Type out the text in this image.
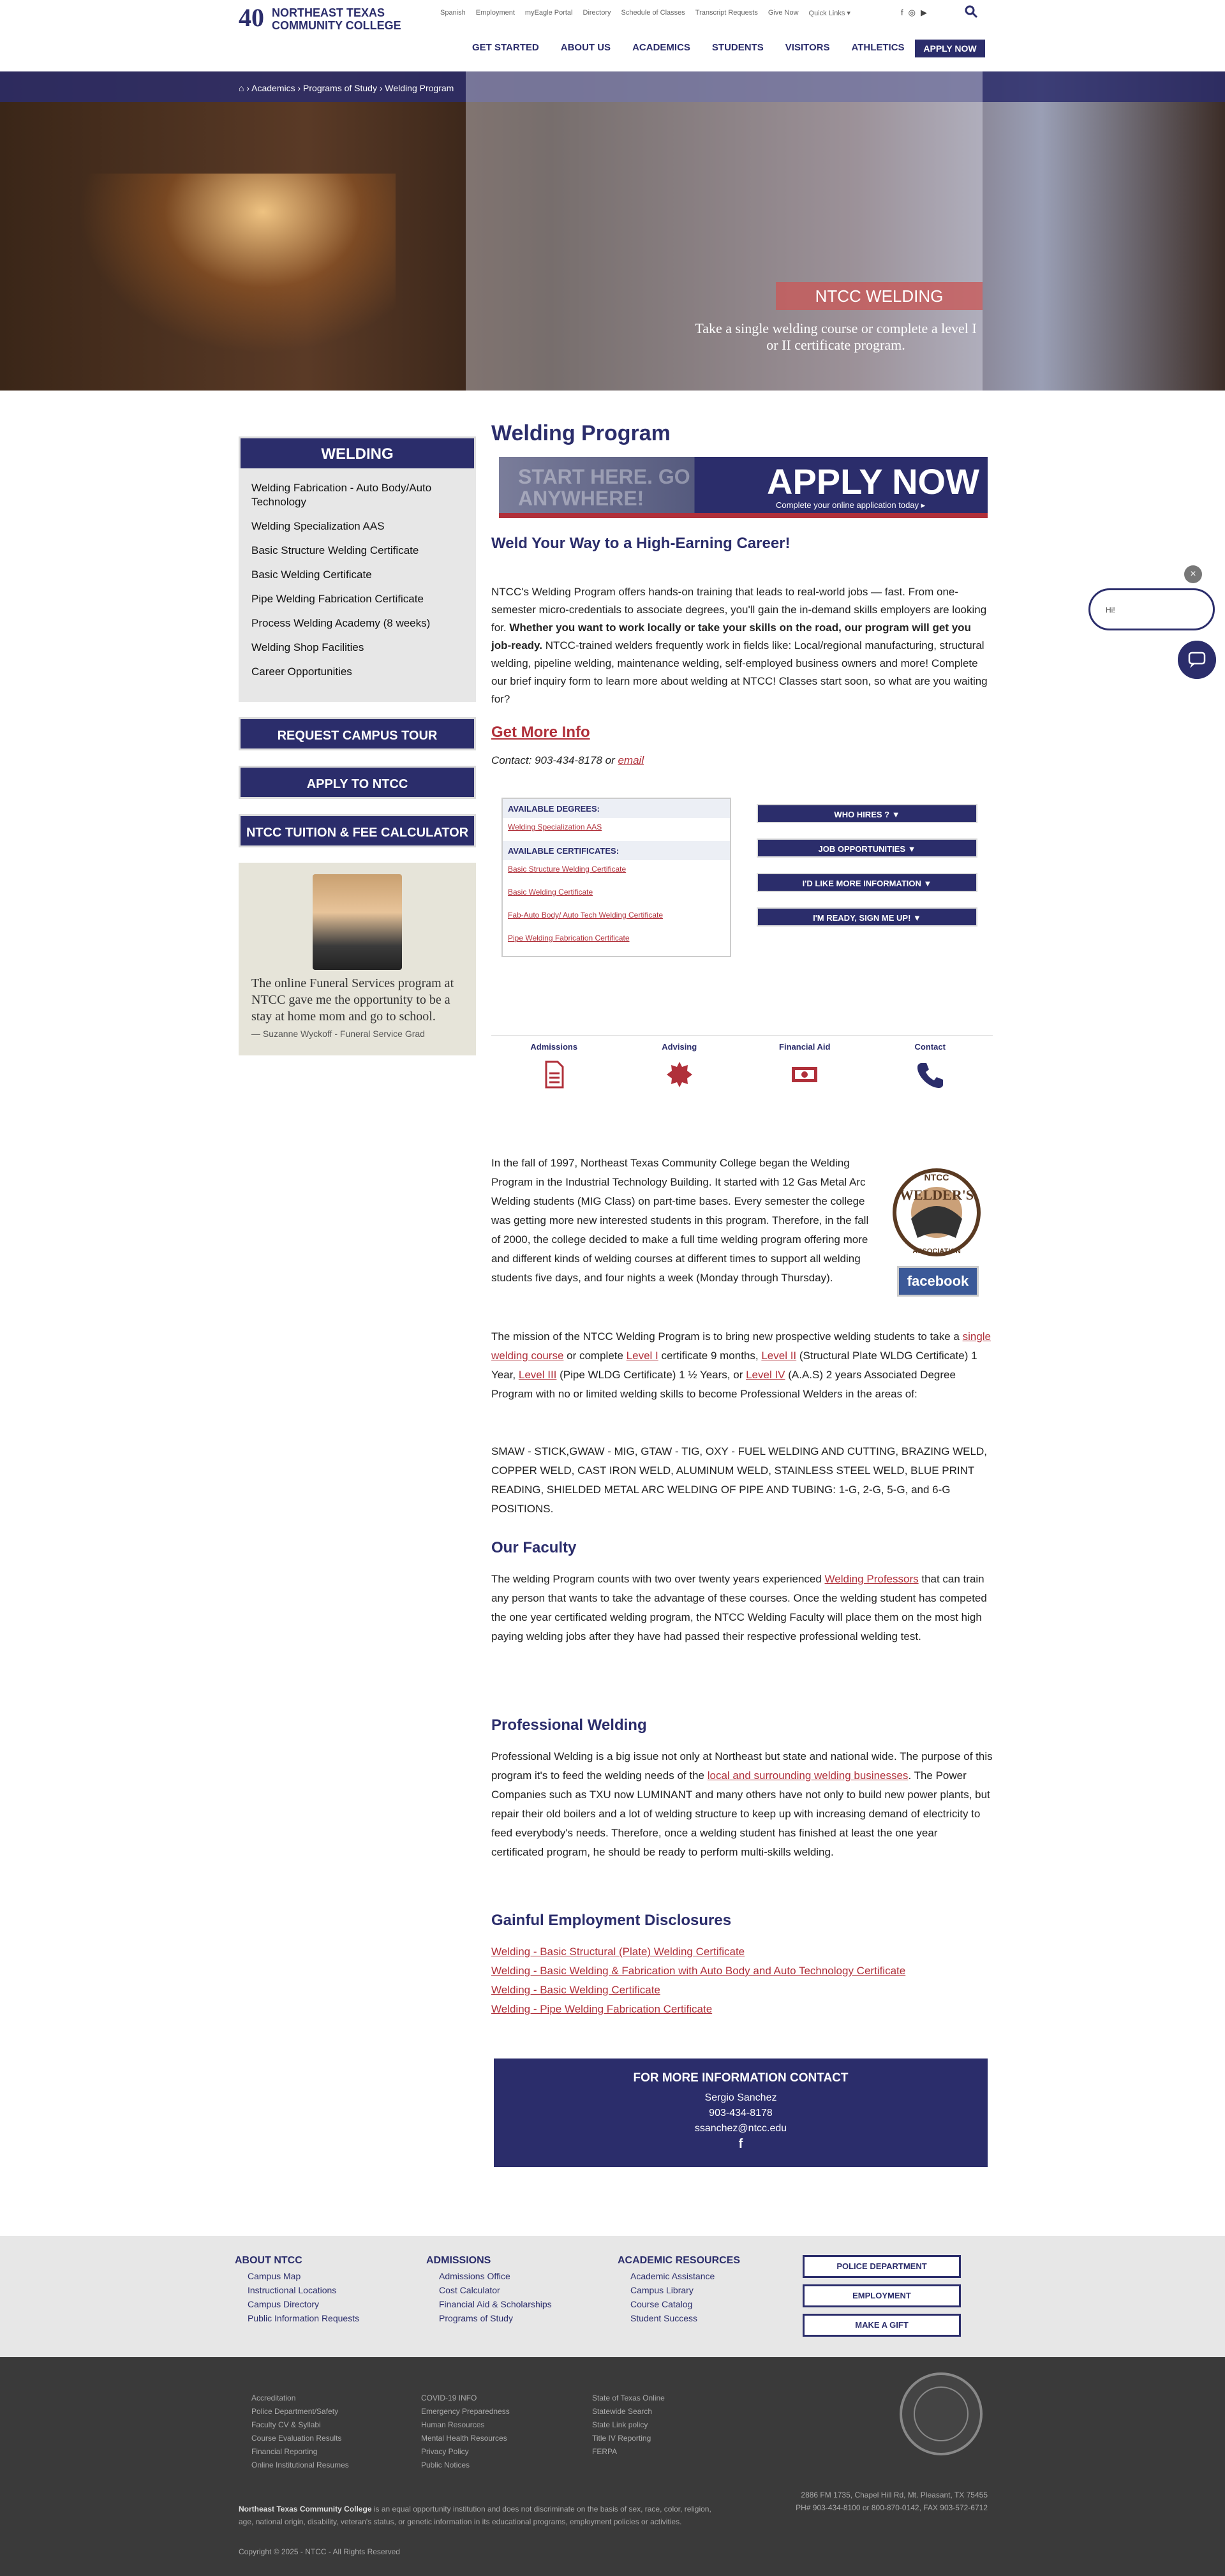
40 NORTHEAST TEXAS
COMMUNITY COLLEGE
Spanish Employment myEagle Portal Directory Schedule of Classes Transcript Requests Give Now Quick Links ▾	f ◎ ▶
GET STARTED ABOUT US ACADEMICS STUDENTS VISITORS ATHLETICS	APPLY NOW
⌂ › Academics › Programs of Study › Welding Program
NTCC WELDING
Take a single welding course or complete a level I or II certificate program.
WELDING
Welding Fabrication - Auto Body/Auto Technology
Welding Specialization AAS
Basic Structure Welding Certificate
Basic Welding Certificate
Pipe Welding Fabrication Certificate
Process Welding Academy (8 weeks)
Welding Shop Facilities
Career Opportunities
REQUEST CAMPUS TOUR
APPLY TO NTCC
NTCC TUITION & FEE CALCULATOR

The online Funeral Services program at NTCC gave me the opportunity to be a stay at home mom and go to school.

— Suzanne Wyckoff - Funeral Service Grad

Welding Program
START HERE. GO ANYWHERE!	APPLY NOW
Complete your online application today ▸
Weld Your Way to a High-Earning Career!

NTCC's Welding Program offers hands-on training that leads to real-world jobs — fast. From one-semester micro-credentials to associate degrees, you'll gain the in-demand skills employers are looking for. Whether you want to work locally or take your skills on the road, our program will get you job-ready. NTCC-trained welders frequently work in fields like: Local/regional manufacturing, structural welding, pipeline welding, maintenance welding, self-employed business owners and more! Complete our brief inquiry form to learn more about welding at NTCC! Classes start soon, so what are you waiting for?

Get More Info

Contact: 903-434-8178 or email

AVAILABLE DEGREES:
Welding Specialization AAS
AVAILABLE CERTIFICATES:
Basic Structure Welding Certificate
Basic Welding Certificate
Fab-Auto Body/ Auto Tech Welding Certificate
Pipe Welding Fabrication Certificate
WHO HIRES ? ▼
JOB OPPORTUNITIES ▼
I'D LIKE MORE INFORMATION ▼
I'M READY, SIGN ME UP! ▼
Admissions	Advising	Financial Aid	Contact

In the fall of 1997, Northeast Texas Community College began the Welding Program in the Industrial Technology Building. It started with 12 Gas Metal Arc Welding students (MIG Class) on part-time bases. Every semester the college was getting more new interested students in this program. Therefore, in the fall of 2000, the college decided to make a full time welding program offering more and different kinds of welding courses at different times to support all welding students five days, and four nights a week (Monday through Thursday).

The mission of the NTCC Welding Program is to bring new prospective welding students to take a single welding course or complete Level I certificate 9 months, Level II (Structural Plate WLDG Certificate) 1 Year, Level III (Pipe WLDG Certificate) 1 ½ Years, or Level IV (A.A.S) 2 years Associated Degree Program with no or limited welding skills to become Professional Welders in the areas of:

SMAW - STICK,GWAW - MIG, GTAW - TIG, OXY - FUEL WELDING AND CUTTING, BRAZING WELD, COPPER WELD, CAST IRON WELD, ALUMINUM WELD, STAINLESS STEEL WELD, BLUE PRINT READING, SHIELDED METAL ARC WELDING OF PIPE AND TUBING: 1-G, 2-G, 5-G, and 6-G POSITIONS.

Our Faculty

The welding Program counts with two over twenty years experienced Welding Professors that can train any person that wants to take the advantage of these courses. Once the welding student has competed the one year certificated welding program, the NTCC Welding Faculty will place them on the most high paying welding jobs after they have had passed their respective professional welding test.

Professional Welding

Professional Welding is a big issue not only at Northeast but state and national wide. The purpose of this program it's to feed the welding needs of the local and surrounding welding businesses. The Power Companies such as TXU now LUMINANT and many others have not only to build new power plants, but repair their old boilers and a lot of welding structure to keep up with increasing demand of electricity to feed everybody's needs. Therefore, once a welding student has finished at least the one year certificated program, he should be ready to perform multi-skills welding.

Gainful Employment Disclosures
Welding - Basic Structural (Plate) Welding Certificate
Welding - Basic Welding & Fabrication with Auto Body and Auto Technology Certificate
Welding - Basic Welding Certificate
Welding - Pipe Welding Fabrication Certificate
FOR MORE INFORMATION CONTACT
Sergio Sanchez
903-434-8178
ssanchez@ntcc.edu
f
NTCC
WELDER'S
ASSOCIATION
facebook
×
Hi!
ABOUT NTCC
Campus Map
Instructional Locations
Campus Directory
Public Information Requests
ADMISSIONS
Admissions Office
Cost Calculator
Financial Aid & Scholarships
Programs of Study
ACADEMIC RESOURCES
Academic Assistance
Campus Library
Course Catalog
Student Success
POLICE DEPARTMENT
EMPLOYMENT
MAKE A GIFT
Accreditation
Police Department/Safety
Faculty CV & Syllabi
Course Evaluation Results
Financial Reporting
Online Institutional Resumes
COVID-19 INFO
Emergency Preparedness
Human Resources
Mental Health Resources
Privacy Policy
Public Notices
State of Texas Online
Statewide Search
State Link policy
Title IV Reporting
FERPA
2886 FM 1735, Chapel Hill Rd, Mt. Pleasant, TX 75455
PH# 903-434-8100 or 800-870-0142, FAX 903-572-6712

Northeast Texas Community College is an equal opportunity institution and does not discriminate on the basis of sex, race, color, religion, age, national origin, disability, veteran's status, or genetic information in its educational programs, employment policies or activities.

Copyright © 2025 - NTCC - All Rights Reserved
